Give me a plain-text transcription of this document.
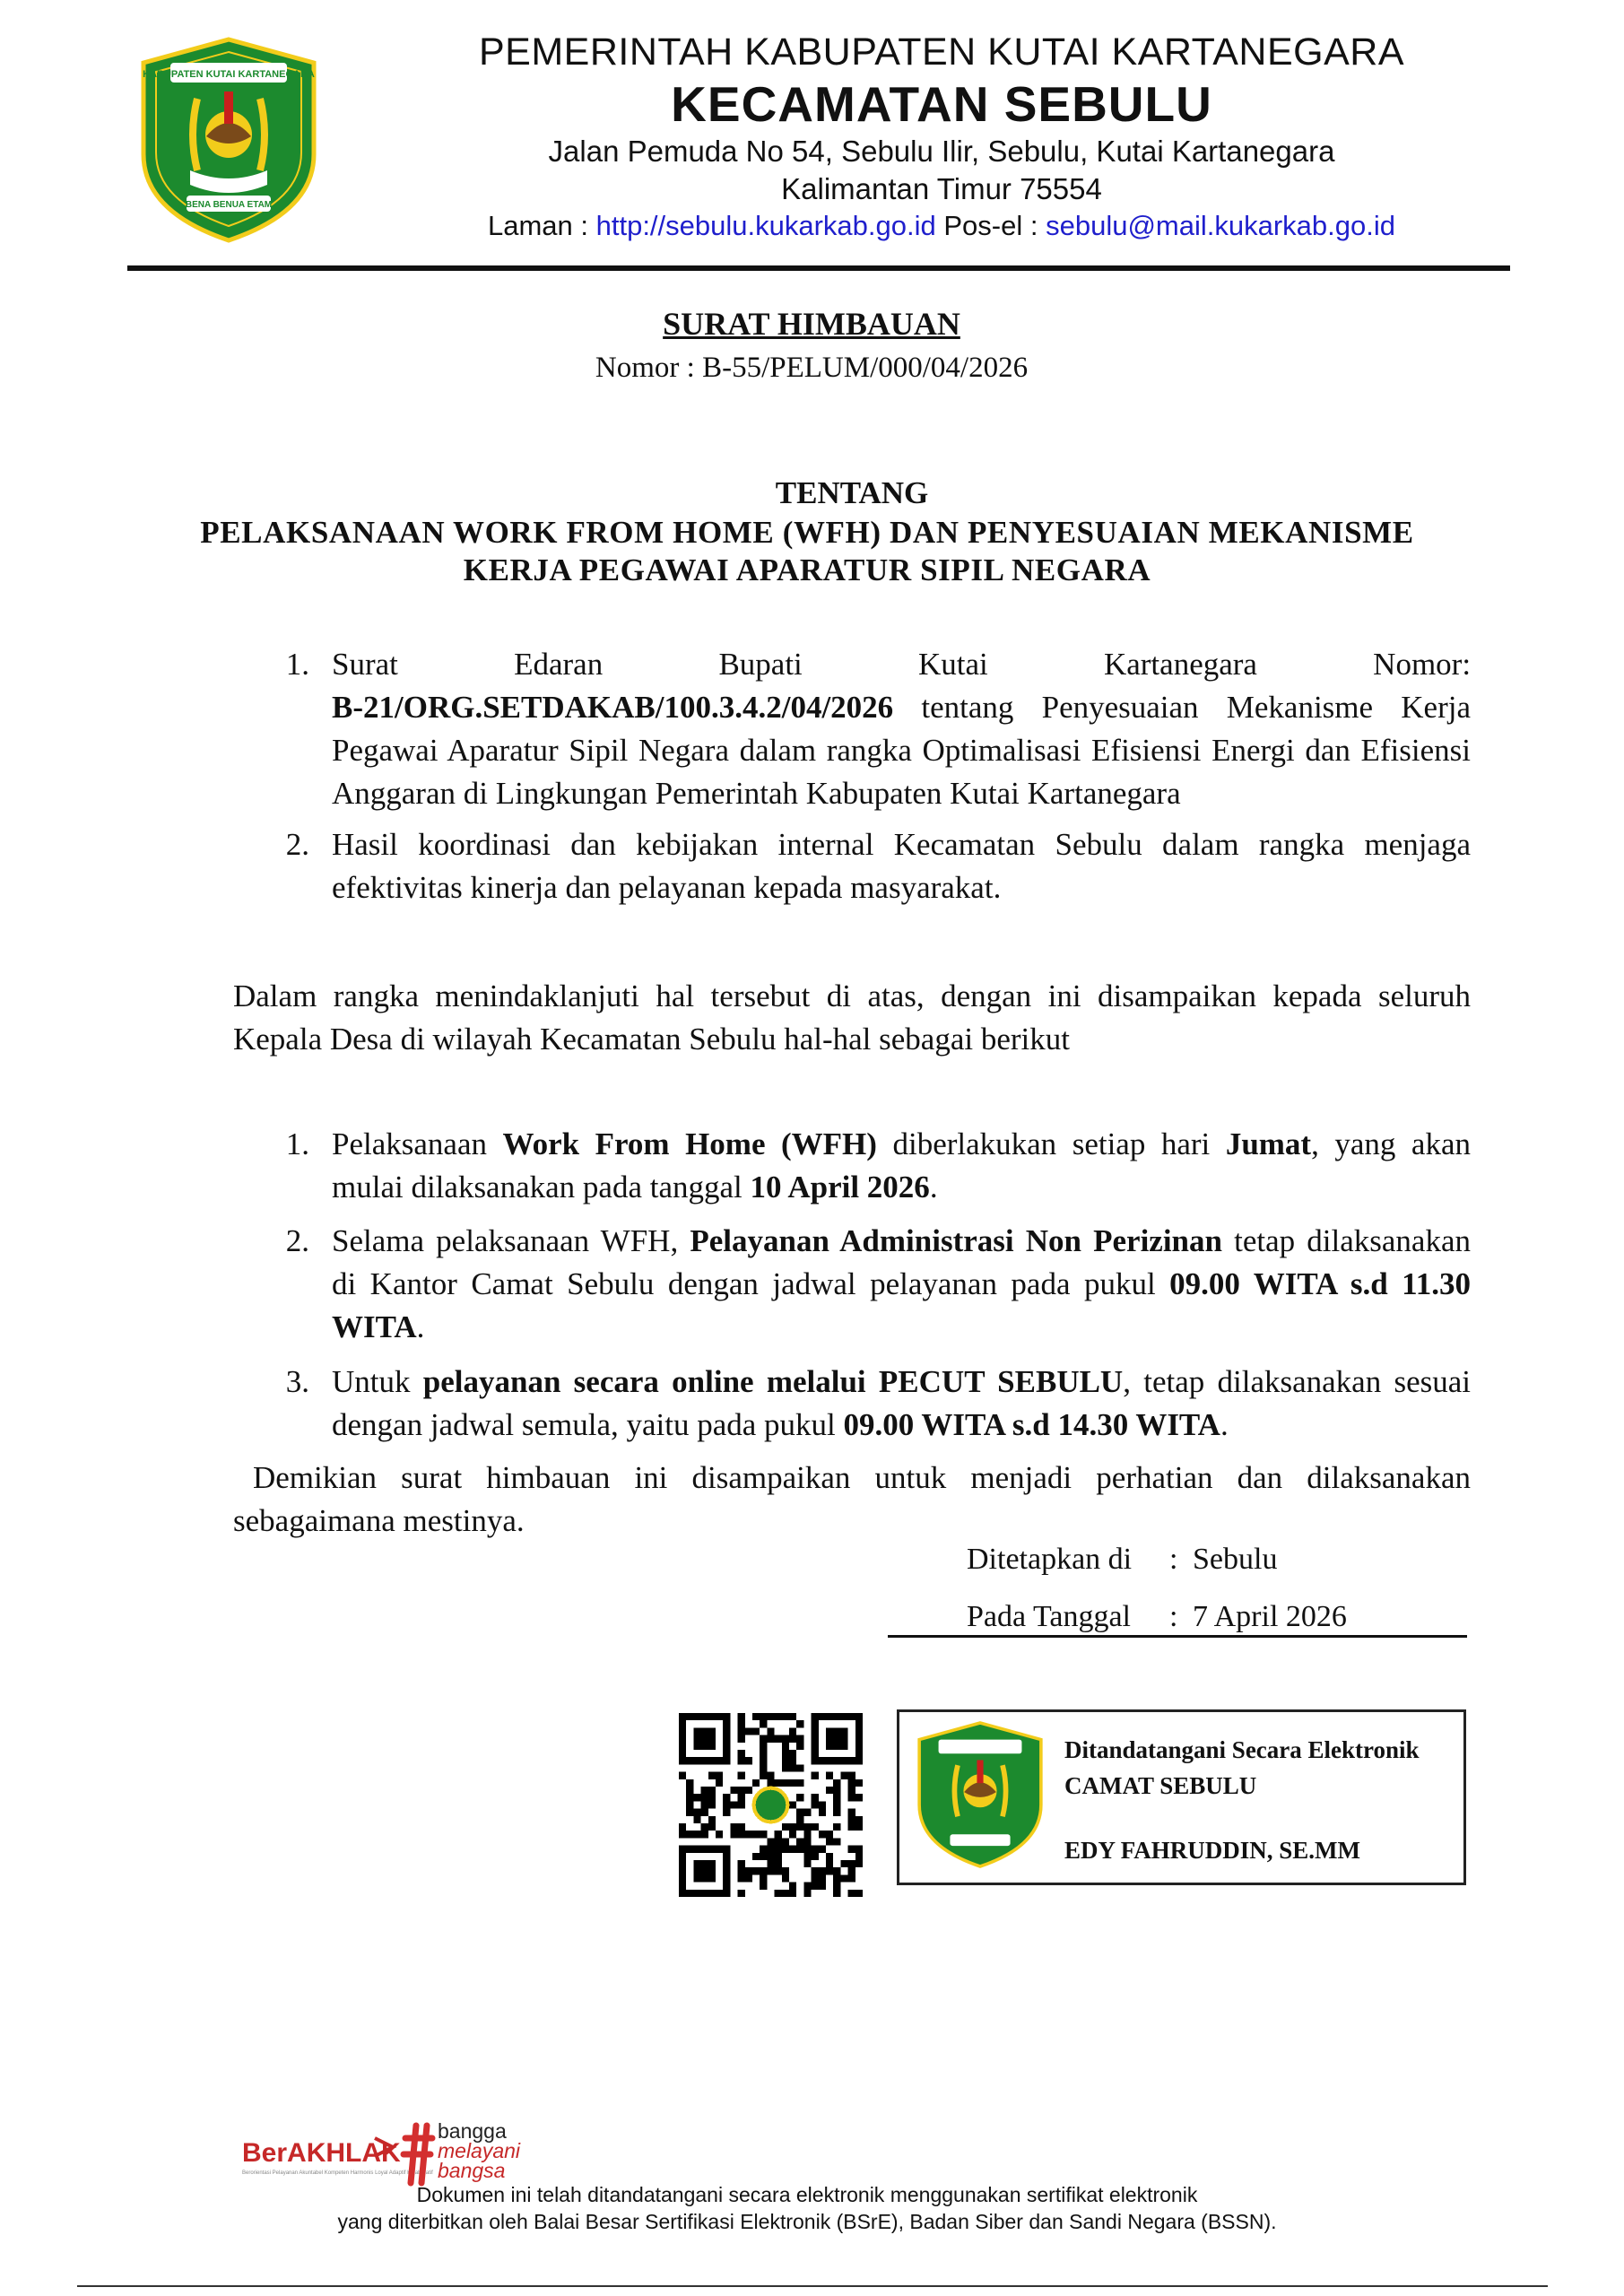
KABUPATEN KUTAI KARTANEGARA
BENA BENUA ETAM
PEMERINTAH KABUPATEN KUTAI KARTANEGARA
KECAMATAN SEBULU
Jalan Pemuda No 54, Sebulu Ilir, Sebulu, Kutai Kartanegara
Kalimantan Timur 75554
Laman : http://sebulu.kukarkab.go.id Pos-el : sebulu@mail.kukarkab.go.id
SURAT HIMBAUAN
Nomor : B-55/PELUM/000/04/2026
TENTANG
PELAKSANAAN WORK FROM HOME (WFH) DAN PENYESUAIAN MEKANISME
KERJA PEGAWAI APARATUR SIPIL NEGARA
1. Surat	Edaran	Bupati	Kutai	Kartanegara	Nomor:
B-21/ORG.SETDAKAB/100.3.4.2/04/2026 tentang Penyesuaian Mekanisme Kerja Pegawai Aparatur Sipil Negara dalam rangka Optimalisasi Efisiensi Energi dan Efisiensi Anggaran di Lingkungan Pemerintah Kabupaten Kutai Kartanegara
2. Hasil koordinasi dan kebijakan internal Kecamatan Sebulu dalam rangka menjaga efektivitas kinerja dan pelayanan kepada masyarakat.
Dalam rangka menindaklanjuti hal tersebut di atas, dengan ini disampaikan kepada seluruh Kepala Desa di wilayah Kecamatan Sebulu hal-hal sebagai berikut
1. Pelaksanaan Work From Home (WFH) diberlakukan setiap hari Jumat, yang akan mulai dilaksanakan pada tanggal 10 April 2026.
2. Selama pelaksanaan WFH, Pelayanan Administrasi Non Perizinan tetap dilaksanakan di Kantor Camat Sebulu dengan jadwal pelayanan pada pukul 09.00 WITA s.d 11.30 WITA.
3. Untuk pelayanan secara online melalui PECUT SEBULU, tetap dilaksanakan sesuai dengan jadwal semula, yaitu pada pukul 09.00 WITA s.d 14.30 WITA.
Demikian surat himbauan ini disampaikan untuk menjadi perhatian dan dilaksanakan sebagaimana mestinya.
Ditetapkan di : Sebulu
Pada Tanggal : 7 April 2026
Ditandatangani Secara Elektronik
CAMAT SEBULU
EDY FAHRUDDIN, SE.MM
BerAKHLAK
Berorientasi Pelayanan Akuntabel Kompeten Harmonis Loyal Adaptif Kolaboratif
bangga
melayani
bangsa
Dokumen ini telah ditandatangani secara elektronik menggunakan sertifikat elektronik
yang diterbitkan oleh Balai Besar Sertifikasi Elektronik (BSrE), Badan Siber dan Sandi Negara (BSSN).
